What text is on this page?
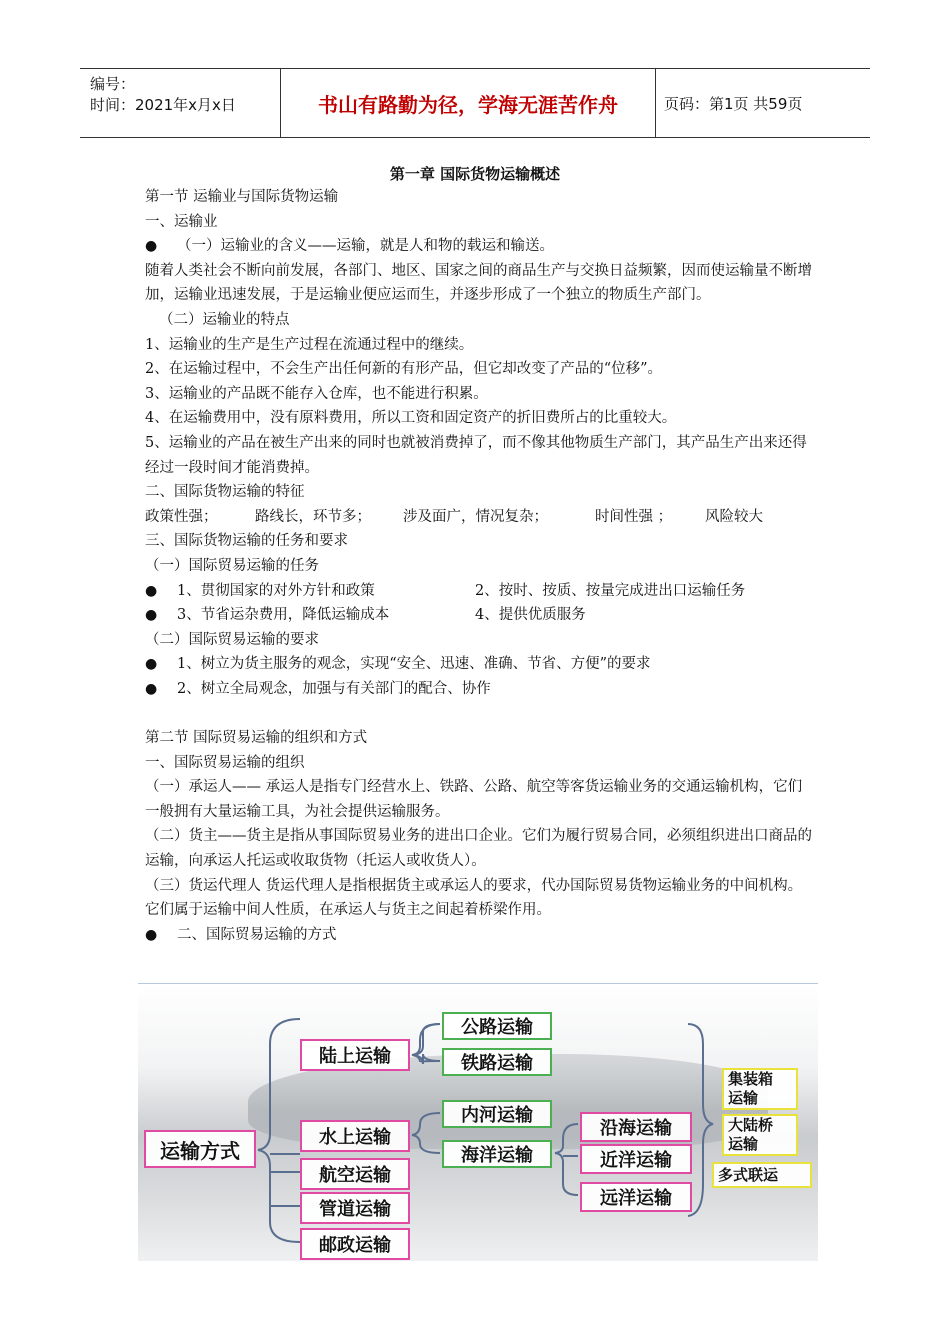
编号：
时间：2021年x月x日	书山有路勤为径，学海无涯苦作舟	页码：第1页 共59页
第一章 国际货物运输概述

第一节 运输业与国际货物运输

一、运输业

● （一）运输业的含义——运输，就是人和物的载运和输送。

随着人类社会不断向前发展，各部门、地区、国家之间的商品生产与交换日益频繁，因而使运输量不断增加，运输业迅速发展，于是运输业便应运而生，并逐步形成了一个独立的物质生产部门。

（二）运输业的特点

1、运输业的生产是生产过程在流通过程中的继续。

2、在运输过程中，不会生产出任何新的有形产品，但它却改变了产品的“位移”。

3、运输业的产品既不能存入仓库，也不能进行积累。

4、在运输费用中，没有原料费用，所以工资和固定资产的折旧费所占的比重较大。

5、运输业的产品在被生产出来的同时也就被消费掉了，而不像其他物质生产部门，其产品生产出来还得经过一段时间才能消费掉。

二、国际货物运输的特征

政策性强；	路线长，环节多； 涉及面广，情况复杂；	时间性强 ； 风险较大

三、国际货物运输的任务和要求

（一）国际贸易运输的任务

● 1、贯彻国家的对外方针和政策	2、按时、按质、按量完成进出口运输任务

● 3、节省运杂费用，降低运输成本	4、提供优质服务

（二）国际贸易运输的要求

● 1、树立为货主服务的观念，实现“安全、迅速、准确、节省、方便”的要求

● 2、树立全局观念，加强与有关部门的配合、协作

第二节 国际贸易运输的组织和方式

一、国际贸易运输的组织

（一）承运人—— 承运人是指专门经营水上、铁路、公路、航空等客货运输业务的交通运输机构，它们一般拥有大量运输工具，为社会提供运输服务。

（二）货主——货主是指从事国际贸易业务的进出口企业。它们为履行贸易合同，必须组织进出口商品的运输，向承运人托运或收取货物（托运人或收货人）。

（三）货运代理人 货运代理人是指根据货主或承运人的要求，代办国际贸易货物运输业务的中间机构。它们属于运输中间人性质，在承运人与货主之间起着桥梁作用。

● 二、国际贸易运输的方式

运输方式
陆上运输
公路运输
铁路运输
水上运输
内河运输
海洋运输
沿海运输
近洋运输
远洋运输
航空运输
管道运输
邮政运输
集装箱
运输
大陆桥
运输
多式联运
